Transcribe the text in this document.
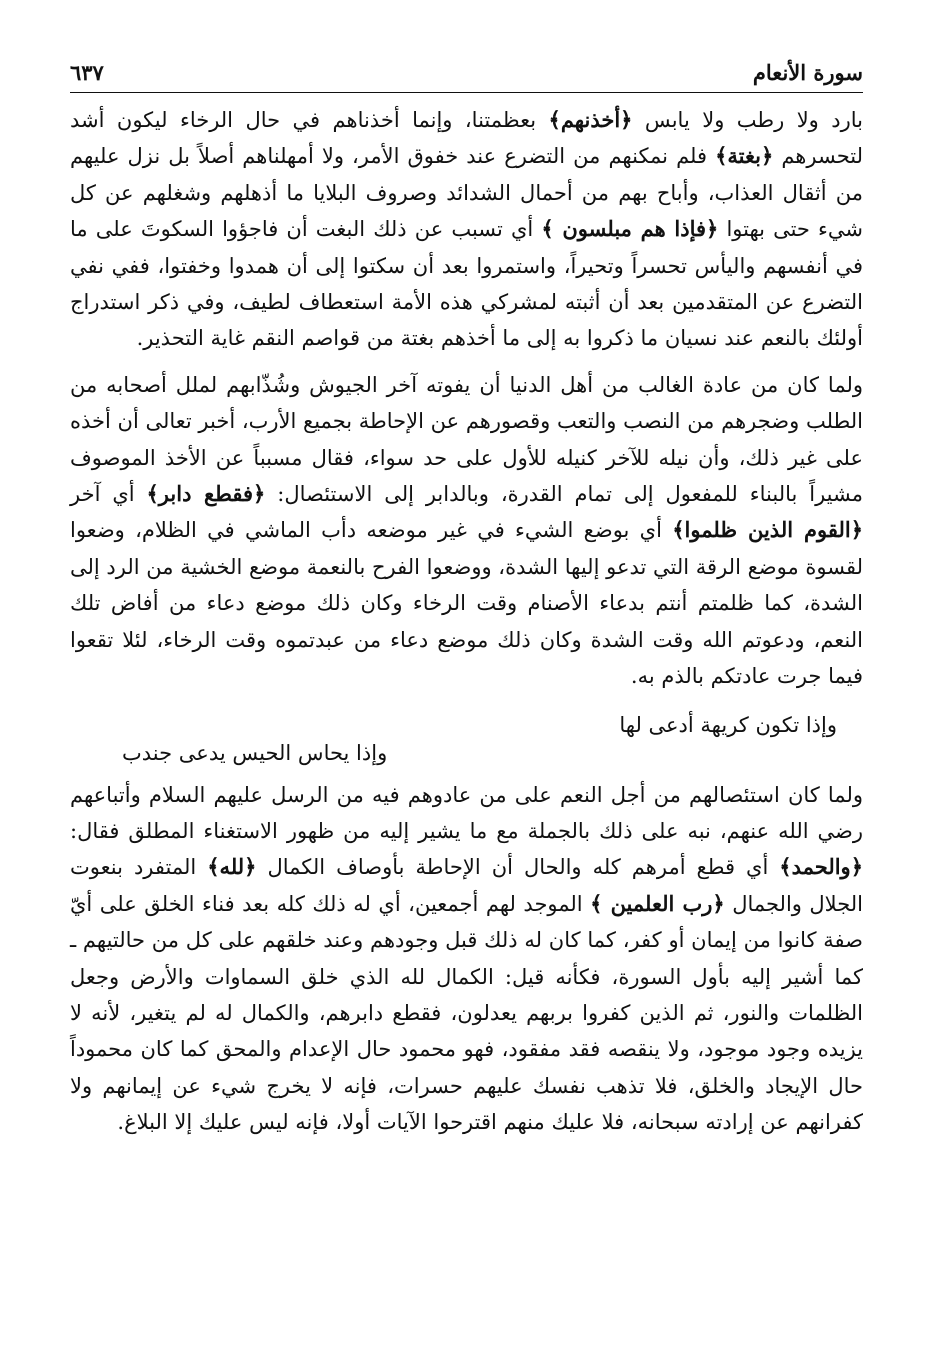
سورة الأنعام
٦٣٧

بارد ولا رطب ولا يابس ﴿أخذنهم﴾ بعظمتنا، وإنما أخذناهم في حال الرخاء ليكون أشد لتحسرهم ﴿بغتة﴾ فلم نمكنهم من التضرع عند خفوق الأمر، ولا أمهلناهم أصلاً بل نزل عليهم من أثقال العذاب، وأباح بهم من أحمال الشدائد وصروف البلايا ما أذهلهم وشغلهم عن كل شيء حتى بهتوا ﴿فإذا هم مبلسون ﴾ أي تسبب عن ذلك البغت أن فاجؤوا السكوتَ على ما في أنفسهم واليأس تحسراً وتحيراً، واستمروا بعد أن سكتوا إلى أن همدوا وخفتوا، ففي نفي التضرع عن المتقدمين بعد أن أثبته لمشركي هذه الأمة استعطاف لطيف، وفي ذكر استدراج أولئك بالنعم عند نسيان ما ذكروا به إلى ما أخذهم بغتة من قواصم النقم غاية التحذير.

ولما كان من عادة الغالب من أهل الدنيا أن يفوته آخر الجيوش وشُذّابهم لملل أصحابه من الطلب وضجرهم من النصب والتعب وقصورهم عن الإحاطة بجميع الأرب، أخبر تعالى أن أخذه على غير ذلك، وأن نيله للآخر كنيله للأول على حد سواء، فقال مسبباً عن الأخذ الموصوف مشيراً بالبناء للمفعول إلى تمام القدرة، وبالدابر إلى الاستئصال: ﴿فقطع دابر﴾ أي آخر ﴿القوم الذين ظلموا﴾ أي بوضع الشيء في غير موضعه دأب الماشي في الظلام، وضعوا لقسوة موضع الرقة التي تدعو إليها الشدة، ووضعوا الفرح بالنعمة موضع الخشية من الرد إلى الشدة، كما ظلمتم أنتم بدعاء الأصنام وقت الرخاء وكان ذلك موضع دعاء من أفاض تلك النعم، ودعوتم الله وقت الشدة وكان ذلك موضع دعاء من عبدتموه وقت الرخاء، لئلا تقعوا فيما جرت عادتكم بالذم به.

وإذا تكون كريهة أدعى لها
وإذا يحاس الحيس يدعى جندب

ولما كان استئصالهم من أجل النعم على من عادوهم فيه من الرسل عليهم السلام وأتباعهم رضي الله عنهم، نبه على ذلك بالجملة مع ما يشير إليه من ظهور الاستغناء المطلق فقال: ﴿والحمد﴾ أي قطع أمرهم كله والحال أن الإحاطة بأوصاف الكمال ﴿لله﴾ المتفرد بنعوت الجلال والجمال ﴿رب العلمين ﴾ الموجد لهم أجمعين، أي له ذلك كله بعد فناء الخلق على أيّ صفة كانوا من إيمان أو كفر، كما كان له ذلك قبل وجودهم وعند خلقهم على كل من حالتيهم ـ كما أشير إليه بأول السورة، فكأنه قيل: الكمال لله الذي خلق السماوات والأرض وجعل الظلمات والنور، ثم الذين كفروا بربهم يعدلون، فقطع دابرهم، والكمال له لم يتغير، لأنه لا يزيده وجود موجود، ولا ينقصه فقد مفقود، فهو محمود حال الإعدام والمحق كما كان محموداً حال الإيجاد والخلق، فلا تذهب نفسك عليهم حسرات، فإنه لا يخرج شيء عن إيمانهم ولا كفرانهم عن إرادته سبحانه، فلا عليك منهم اقترحوا الآيات أولا، فإنه ليس عليك إلا البلاغ.
